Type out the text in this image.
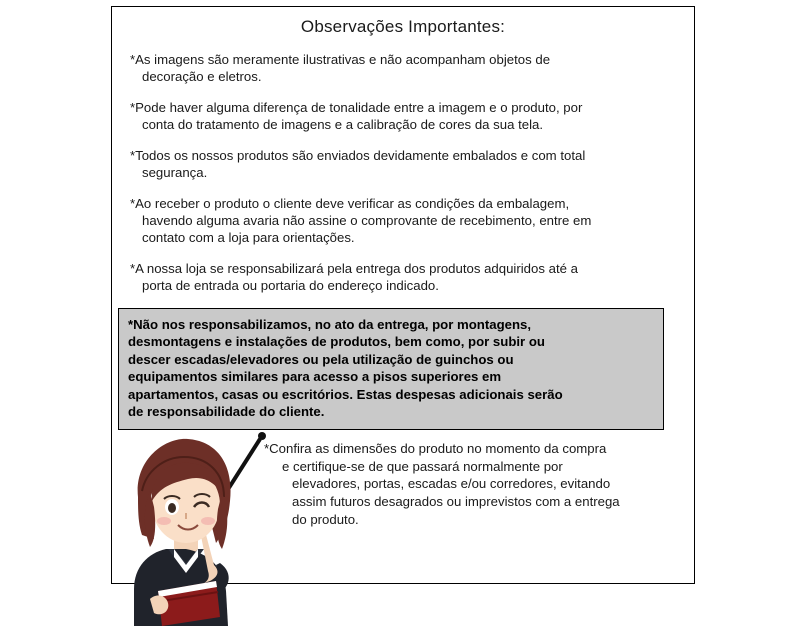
Observações Importantes:
*As imagens são meramente ilustrativas e não acompanham objetos de
decoração e eletros.
*Pode haver alguma diferença de tonalidade entre a imagem e o produto, por
conta do tratamento de imagens e a calibração de cores da sua tela.
*Todos os nossos produtos são enviados devidamente embalados e com total
segurança.
*Ao receber o produto o cliente deve verificar as condições da embalagem,
havendo alguma avaria não assine o comprovante de recebimento, entre em
contato com a loja para orientações.
*A nossa loja se responsabilizará pela entrega dos produtos adquiridos até a
porta de entrada ou portaria do endereço indicado.
*Não nos responsabilizamos, no ato da entrega, por montagens,
desmontagens e instalações de produtos, bem como, por subir ou
descer escadas/elevadores ou pela utilização de guinchos ou
equipamentos similares para acesso a pisos superiores em
apartamentos, casas ou escritórios. Estas despesas adicionais serão
de responsabilidade do cliente.
*Confira as dimensões do produto no momento da compra
e certifique-se de que passará normalmente por
elevadores, portas, escadas e/ou corredores, evitando
assim futuros desagrados ou imprevistos com a entrega
do produto.
